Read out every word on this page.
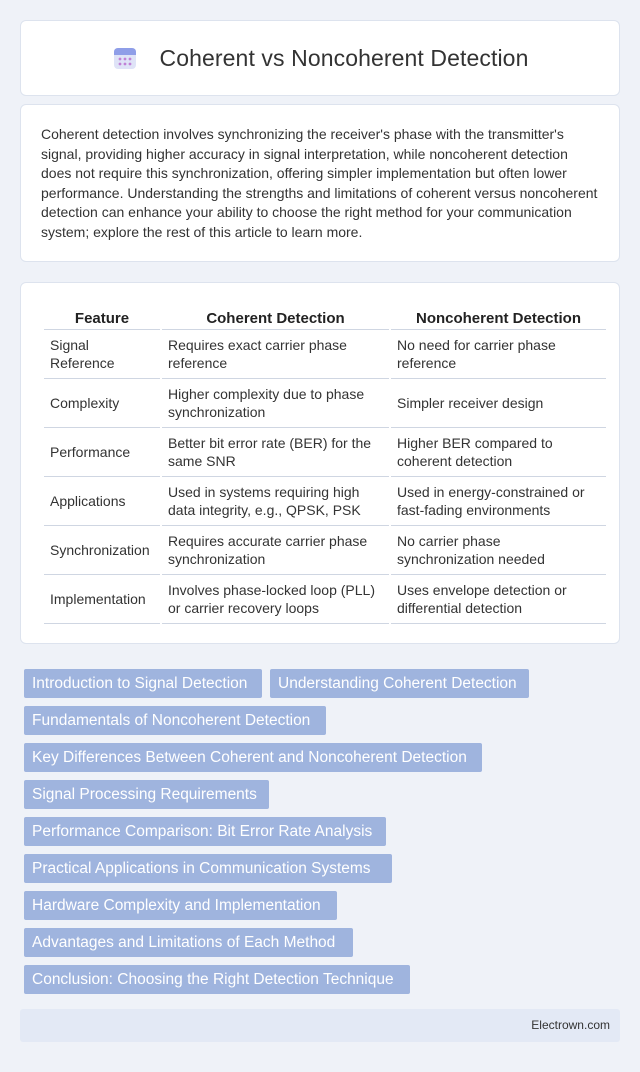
Coherent vs Noncoherent Detection

Coherent detection involves synchronizing the receiver's phase with the transmitter's signal, providing higher accuracy in signal interpretation, while noncoherent detection does not require this synchronization, offering simpler implementation but often lower performance. Understanding the strengths and limitations of coherent versus noncoherent detection can enhance your ability to choose the right method for your communication system; explore the rest of this article to learn more.

Feature	Coherent Detection	Noncoherent Detection
Signal Reference	Requires exact carrier phase reference	No need for carrier phase reference
Complexity	Higher complexity due to phase synchronization	Simpler receiver design
Performance	Better bit error rate (BER) for the same SNR	Higher BER compared to coherent detection
Applications	Used in systems requiring high data integrity, e.g., QPSK, PSK	Used in energy-constrained or fast-fading environments
Synchronization	Requires accurate carrier phase synchronization	No carrier phase synchronization needed
Implementation	Involves phase-locked loop (PLL) or carrier recovery loops	Uses envelope detection or differential detection
Introduction to Signal Detection	Understanding Coherent Detection
Fundamentals of Noncoherent Detection
Key Differences Between Coherent and Noncoherent Detection
Signal Processing Requirements
Performance Comparison: Bit Error Rate Analysis
Practical Applications in Communication Systems
Hardware Complexity and Implementation
Advantages and Limitations of Each Method
Conclusion: Choosing the Right Detection Technique
Electrown.com
